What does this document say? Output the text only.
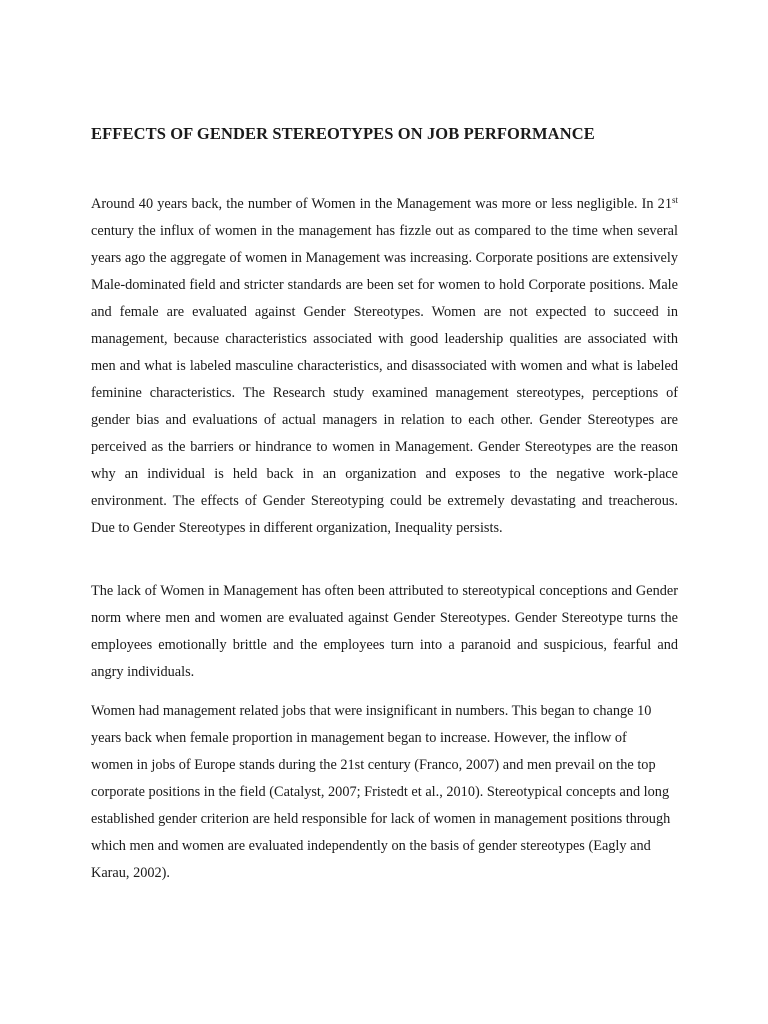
EFFECTS OF GENDER STEREOTYPES ON JOB PERFORMANCE

Around 40 years back, the number of Women in the Management was more or less negligible. In 21st century the influx of women in the management has fizzle out as compared to the time when several years ago the aggregate of women in Management was increasing. Corporate positions are extensively Male-dominated field and stricter standards are been set for women to hold Corporate positions. Male and female are evaluated against Gender Stereotypes. Women are not expected to succeed in management, because characteristics associated with good leadership qualities are associated with men and what is labeled masculine characteristics, and disassociated with women and what is labeled feminine characteristics. The Research study examined management stereotypes, perceptions of gender bias and evaluations of actual managers in relation to each other. Gender Stereotypes are perceived as the barriers or hindrance to women in Management. Gender Stereotypes are the reason why an individual is held back in an organization and exposes to the negative work-place environment. The effects of Gender Stereotyping could be extremely devastating and treacherous. Due to Gender Stereotypes in different organization, Inequality persists.

The lack of Women in Management has often been attributed to stereotypical conceptions and Gender norm where men and women are evaluated against Gender Stereotypes. Gender Stereotype turns the employees emotionally brittle and the employees turn into a paranoid and suspicious, fearful and angry individuals.

Women had management related jobs that were insignificant in numbers. This began to change 10 years back when female proportion in management began to increase. However, the inflow of women in jobs of Europe stands during the 21st century (Franco, 2007) and men prevail on the top corporate positions in the field (Catalyst, 2007; Fristedt et al., 2010). Stereotypical concepts and long established gender criterion are held responsible for lack of women in management positions through which men and women are evaluated independently on the basis of gender stereotypes (Eagly and Karau, 2002).
